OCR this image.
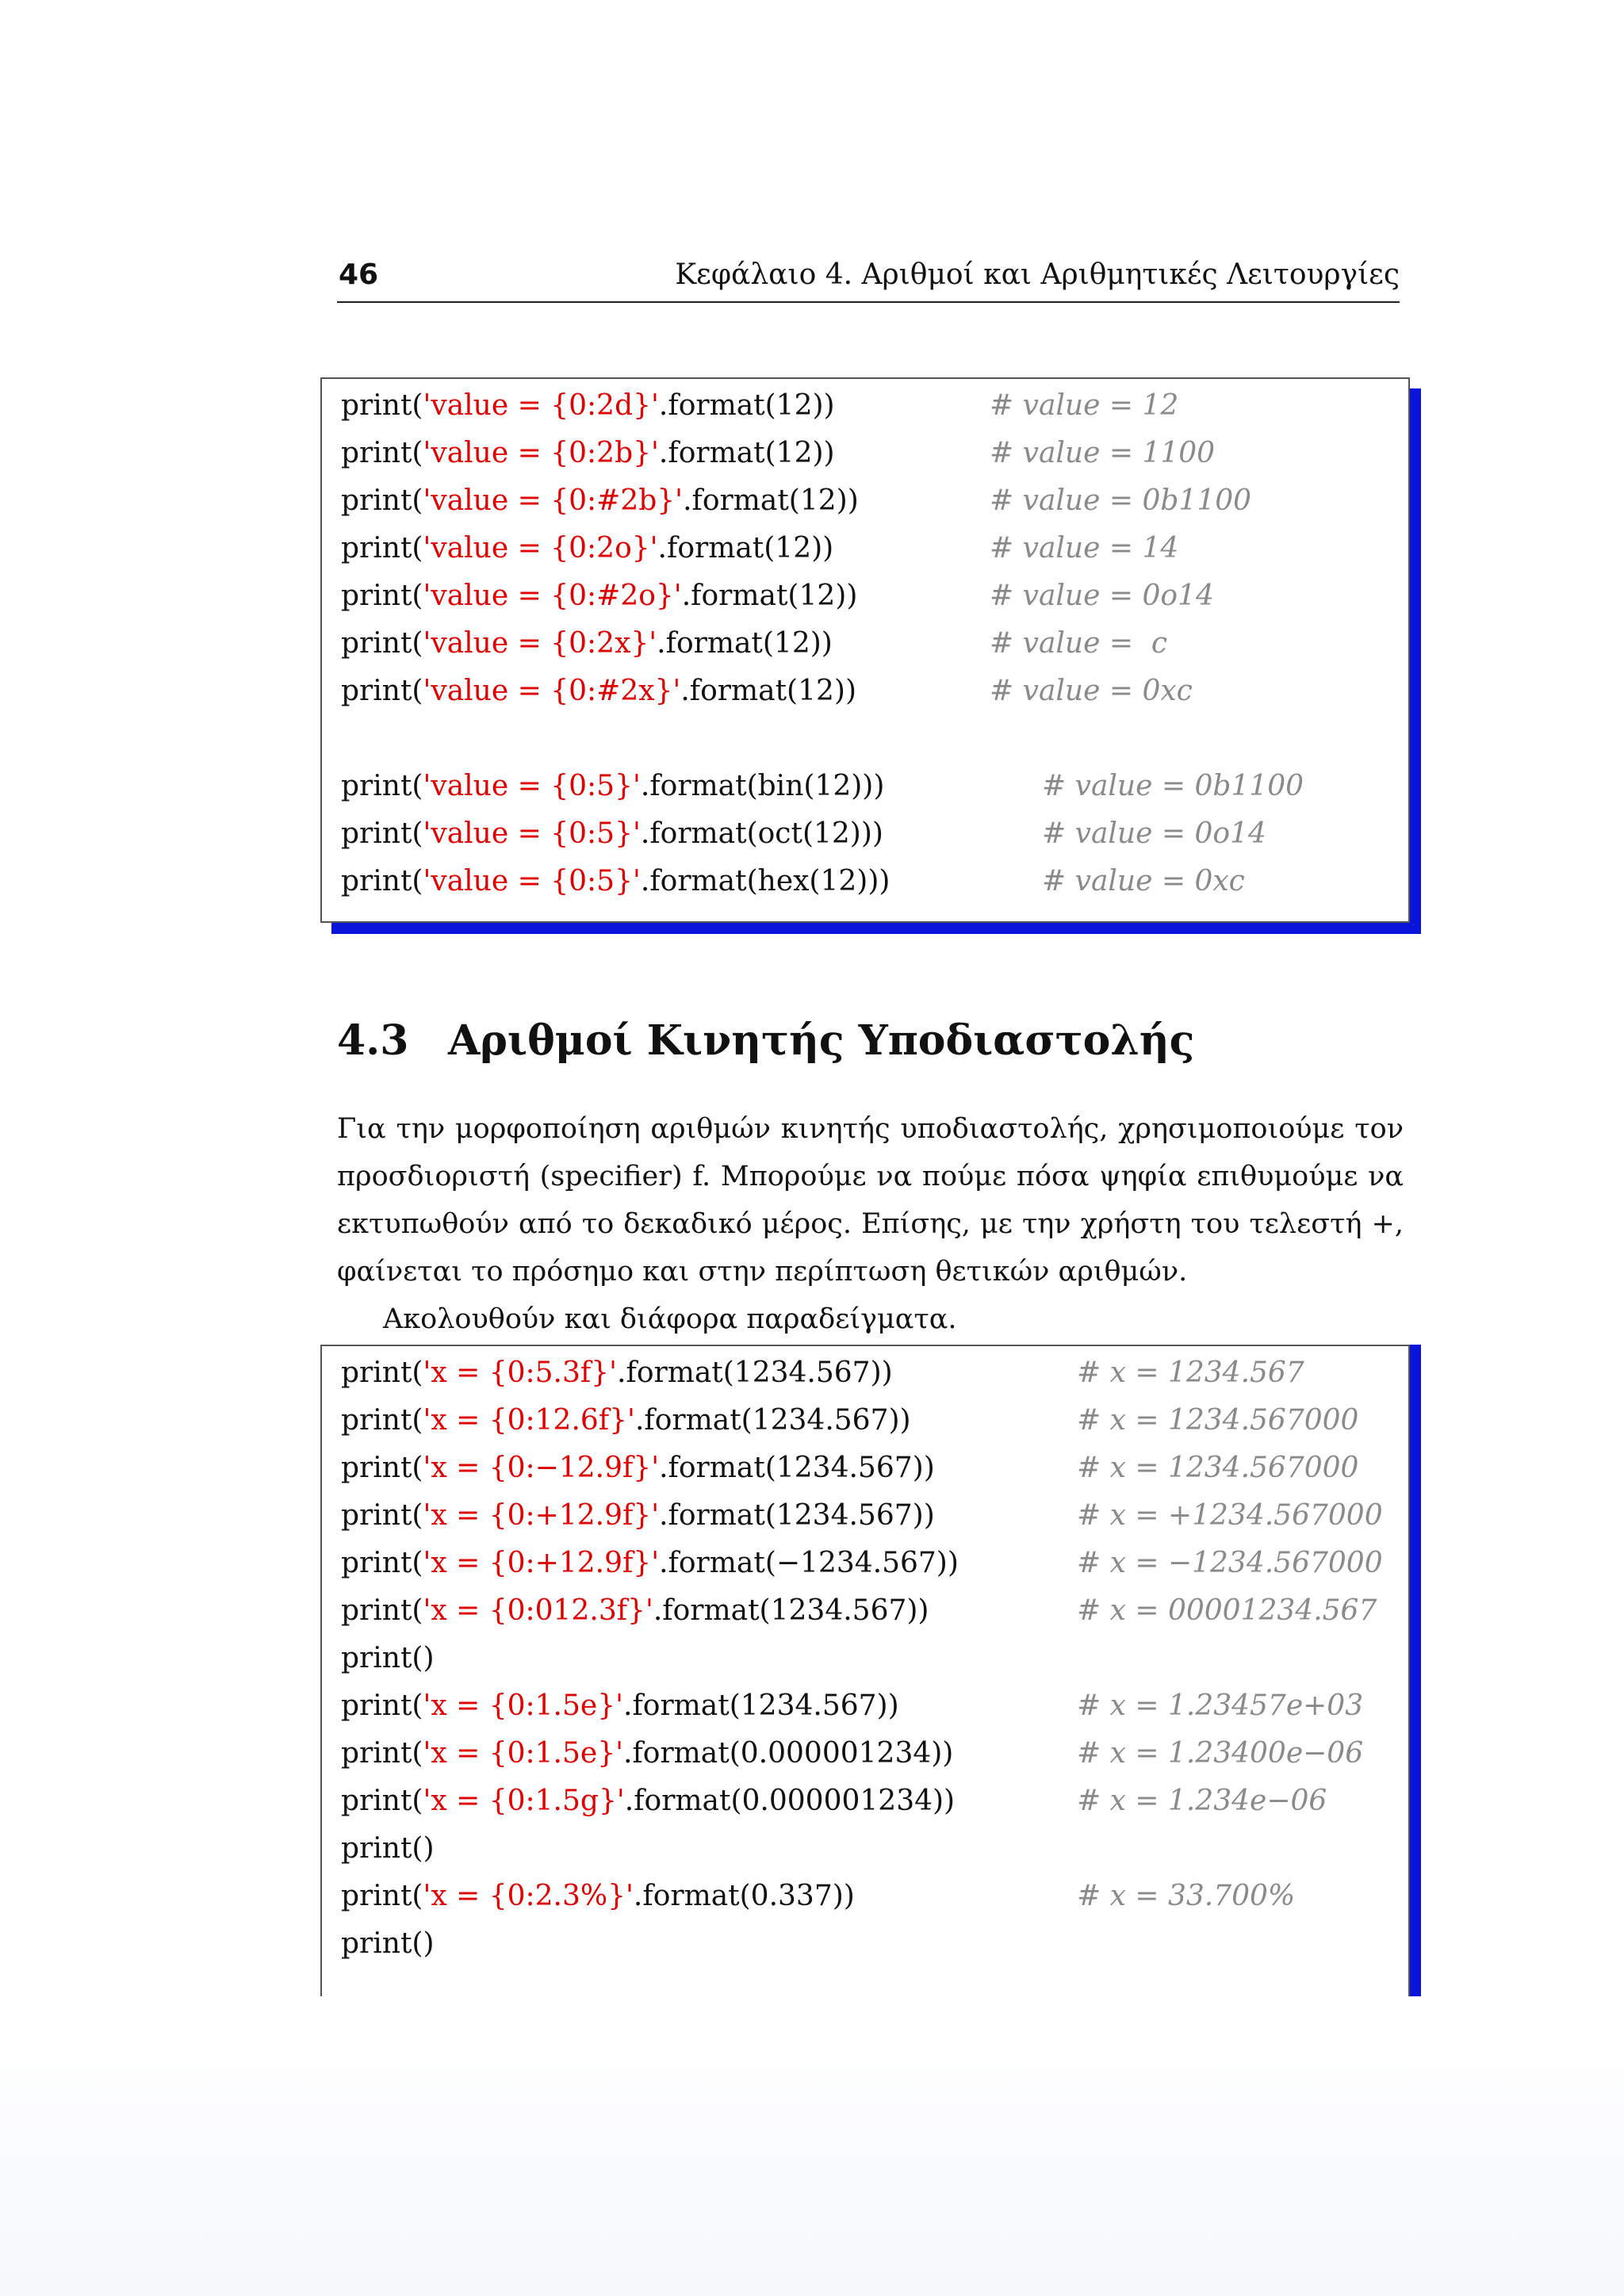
46	Κεφάλαιο 4. Αριθμοί και Αριθμητικές Λειτουργίες
print('value = {0:2d}'.format(12))	# value = 12
print('value = {0:2b}'.format(12))	# value = 1100
print('value = {0:#2b}'.format(12))	# value = 0b1100
print('value = {0:2o}'.format(12))	# value = 14
print('value = {0:#2o}'.format(12))	# value = 0o14
print('value = {0:2x}'.format(12))	# value =  c
print('value = {0:#2x}'.format(12))	# value = 0xc
print('value = {0:5}'.format(bin(12)))	# value = 0b1100
print('value = {0:5}'.format(oct(12)))	# value = 0o14
print('value = {0:5}'.format(hex(12)))	# value = 0xc
4.3 Αριθμοί Κινητής Υποδιαστολής
Για την μορφοποίηση αριθμών κινητής υποδιαστολής, χρησιμοποιούμε τον προσδιοριστή (specifier) f. Μπορούμε να πούμε πόσα ψηφία επιθυμούμε να εκτυπωθούν από το δεκαδικό μέρος. Επίσης, με την χρήστη του τελεστή +, φαίνεται το πρόσημο και στην περίπτωση θετικών αριθμών.
Ακολουθούν και διάφορα παραδείγματα.
print('x = {0:5.3f}'.format(1234.567))	# x = 1234.567
print('x = {0:12.6f}'.format(1234.567))	# x = 1234.567000
print('x = {0:−12.9f}'.format(1234.567))	# x = 1234.567000
print('x = {0:+12.9f}'.format(1234.567))	# x = +1234.567000
print('x = {0:+12.9f}'.format(−1234.567))	# x = −1234.567000
print('x = {0:012.3f}'.format(1234.567))	# x = 00001234.567
print()
print('x = {0:1.5e}'.format(1234.567))	# x = 1.23457e+03
print('x = {0:1.5e}'.format(0.000001234))	# x = 1.23400e−06
print('x = {0:1.5g}'.format(0.000001234))	# x = 1.234e−06
print()
print('x = {0:2.3%}'.format(0.337))	# x = 33.700%
print()
